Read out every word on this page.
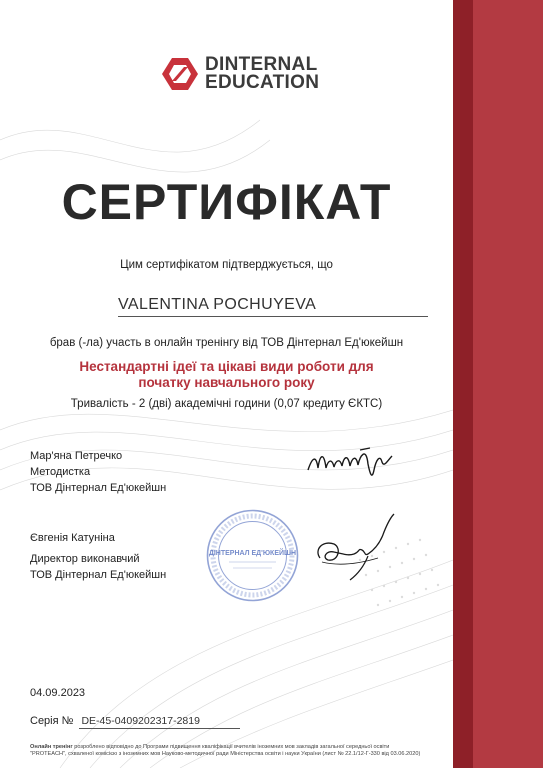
DINTERNAL
EDUCATION
СЕРТИФІКАТ
Цим сертифікатом підтверджується, що
VALENTINA POCHUYEVA
брав (-ла) участь в онлайн тренінгу від ТОВ Дінтернал Ед'юкейшн
Нестандартні ідеї та цікаві види роботи для початку навчального року
Тривалість - 2 (дві) академічні години (0,07 кредиту ЄКТС)
Мар'яна Петречко
Методистка
ТОВ Дінтернал Ед'юкейшн
Євгенія Катуніна
Директор виконавчий
ТОВ Дінтернал Ед'юкейшн
ДІНТЕРНАЛ ЕД'ЮКЕЙШН
04.09.2023
Серія № DE-45-0409202317-2819
Онлайн тренінг розроблено відповідно до Програми підвищення кваліфікації вчителів іноземних мов закладів загальної середньої освіти "PROTEACH", схваленої комісією з іноземних мов Науково-методичної ради Міністерства освіти і науки України (лист № 22.1/12-Г-330 від 03.06.2020)
